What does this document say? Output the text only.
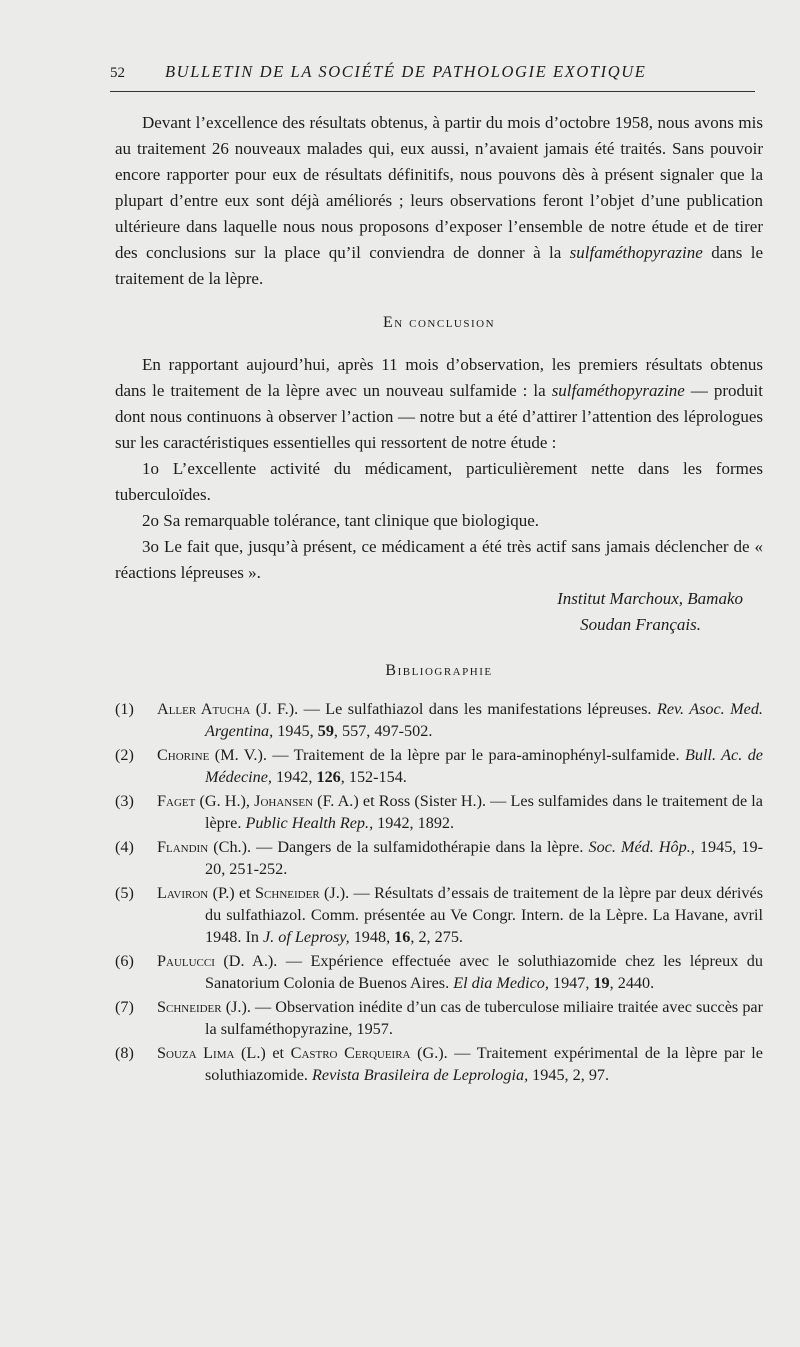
52 BULLETIN DE LA SOCIÉTÉ DE PATHOLOGIE EXOTIQUE

Devant l’excellence des résultats obtenus, à partir du mois d’octobre 1958, nous avons mis au traitement 26 nouveaux malades qui, eux aussi, n’avaient jamais été traités. Sans pouvoir encore rapporter pour eux de résultats définitifs, nous pouvons dès à présent signaler que la plupart d’entre eux sont déjà améliorés ; leurs observations feront l’objet d’une publication ultérieure dans laquelle nous nous proposons d’exposer l’ensemble de notre étude et de tirer des conclusions sur la place qu’il conviendra de donner à la sulfaméthopyrazine dans le traitement de la lèpre.

En conclusion

En rapportant aujourd’hui, après 11 mois d’observation, les premiers résultats obtenus dans le traitement de la lèpre avec un nouveau sulfamide : la sulfaméthopyrazine — produit dont nous continuons à observer l’action — notre but a été d’attirer l’attention des léprologues sur les caractéristiques essentielles qui ressortent de notre étude :

1o L’excellente activité du médicament, particulièrement nette dans les formes tuberculoïdes.

2o Sa remarquable tolérance, tant clinique que biologique.

3o Le fait que, jusqu’à présent, ce médicament a été très actif sans jamais déclencher de « réactions lépreuses ».

Institut Marchoux, Bamako

Soudan Français.

Bibliographie

(1)	Aller Atucha (J. F.). — Le sulfathiazol dans les manifestations lépreuses. Rev. Asoc. Med. Argentina, 1945, 59, 557, 497-502.
(2)	Chorine (M. V.). — Traitement de la lèpre par le para-aminophényl-sulfamide. Bull. Ac. de Médecine, 1942, 126, 152-154.
(3)	Faget (G. H.), Johansen (F. A.) et Ross (Sister H.). — Les sulfamides dans le traitement de la lèpre. Public Health Rep., 1942, 1892.
(4)	Flandin (Ch.). — Dangers de la sulfamidothérapie dans la lèpre. Soc. Méd. Hôp., 1945, 19-20, 251-252.
(5)	Laviron (P.) et Schneider (J.). — Résultats d’essais de traitement de la lèpre par deux dérivés du sulfathiazol. Comm. présentée au Ve Congr. Intern. de la Lèpre. La Havane, avril 1948. In J. of Leprosy, 1948, 16, 2, 275.
(6)	Paulucci (D. A.). — Expérience effectuée avec le soluthiazomide chez les lépreux du Sanatorium Colonia de Buenos Aires. El dia Medico, 1947, 19, 2440.
(7)	Schneider (J.). — Observation inédite d’un cas de tuberculose miliaire traitée avec succès par la sulfaméthopyrazine, 1957.
(8)	Souza Lima (L.) et Castro Cerqueira (G.). — Traitement expérimental de la lèpre par le soluthiazomide. Revista Brasileira de Leprologia, 1945, 2, 97.
